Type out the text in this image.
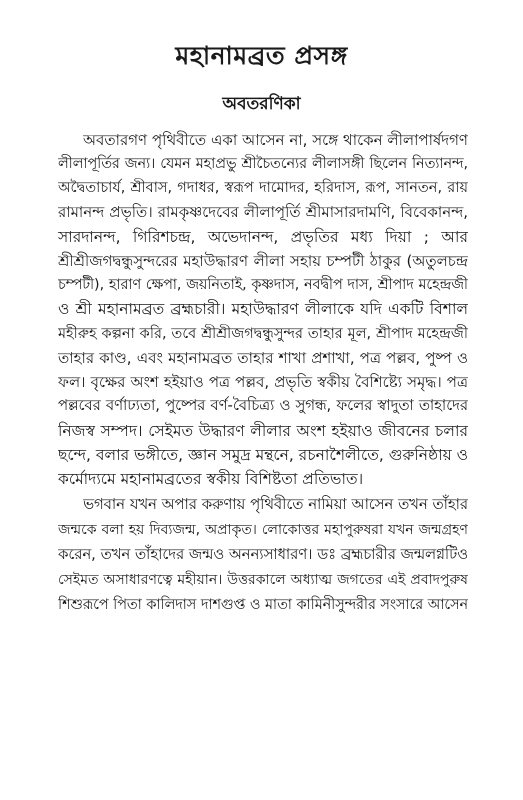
মহানামব্রত প্রসঙ্গ
অবতরণিকা
অবতারগণ পৃথিবীতে একা আসেন না, সঙ্গে থাকেন লীলাপার্ষদগণ
লীলাপূর্তির জন্য। যেমন মহাপ্রভু শ্রীচৈতন্যের লীলাসঙ্গী ছিলেন নিত্যানন্দ,
অদ্বৈতাচার্য, শ্রীবাস, গদাধর, স্বরূপ দামোদর, হরিদাস, রূপ, সানতন, রায়
রামানন্দ প্রভৃতি। রামকৃষ্ণদেবের লীলাপূর্তি শ্রীমাসারদামণি, বিবেকানন্দ,
সারদানন্দ, গিরিশচন্দ্র, অভেদানন্দ, প্রভৃতির মধ্য দিয়া ; আর
শ্রীশ্রীজগদ্বন্ধুসুন্দরের মহাউদ্ধারণ লীলা সহায় চম্পটী ঠাকুর (অতুলচন্দ্র
চম্পটী), হারাণ ক্ষেপা, জয়নিতাই, কৃষ্ণদাস, নবদ্বীপ দাস, শ্রীপাদ মহেন্দ্রজী
ও শ্রী মহানামব্রত ব্রহ্মচারী। মহাউদ্ধারণ লীলাকে যদি একটি বিশাল
মহীরুহ কল্পনা করি, তবে শ্রীশ্রীজগদ্বন্ধুসুন্দর তাহার মূল, শ্রীপাদ মহেন্দ্রজী
তাহার কাণ্ড, এবং মহানামব্রত তাহার শাখা প্রশাখা, পত্র পল্লব, পুষ্প ও
ফল। বৃক্ষের অংশ হইয়াও পত্র পল্লব, প্রভৃতি স্বকীয় বৈশিষ্ট্যে সমৃদ্ধ। পত্র
পল্লবের বর্ণাঢ্যতা, পুষ্পের বর্ণ-বৈচিত্র্য ও সুগন্ধ, ফলের স্বাদুতা তাহাদের
নিজস্ব সম্পদ। সেইমত উদ্ধারণ লীলার অংশ হইয়াও জীবনের চলার
ছন্দে, বলার ভঙ্গীতে, জ্ঞান সমুদ্র মন্থনে, রচনাশৈলীতে, গুরুনিষ্ঠায় ও
কর্মোদ্যমে মহানামব্রতের স্বকীয় বিশিষ্টতা প্রতিভাত।
ভগবান যখন অপার করুণায় পৃথিবীতে নামিয়া আসেন তখন তাঁহার
জন্মকে বলা হয় দিব্যজন্ম, অপ্রাকৃত। লোকোত্তর মহাপুরুষরা যখন জন্মগ্রহণ
করেন, তখন তাঁহাদের জন্মও অনন্যসাধারণ। ডঃ ব্রহ্মচারীর জন্মলগ্নটিও
সেইমত অসাধারণত্বে মহীয়ান। উত্তরকালে অধ্যাত্ম জগতের এই প্রবাদপুরুষ
শিশুরূপে পিতা কালিদাস দাশগুপ্ত ও মাতা কামিনীসুন্দরীর সংসারে আসেন
